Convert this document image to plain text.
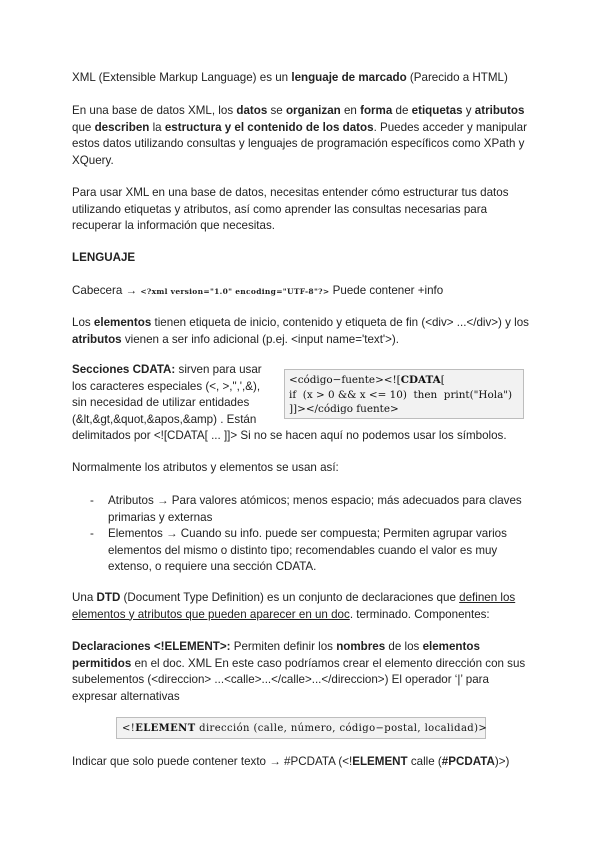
XML (Extensible Markup Language) es un lenguaje de marcado (Parecido a HTML)

En una base de datos XML, los datos se organizan en forma de etiquetas y atributos que describen la estructura y el contenido de los datos. Puedes acceder y manipular estos datos utilizando consultas y lenguajes de programación específicos como XPath y XQuery.

Para usar XML en una base de datos, necesitas entender cómo estructurar tus datos utilizando etiquetas y atributos, así como aprender las consultas necesarias para recuperar la información que necesitas.

LENGUAJE

Cabecera → <?xml version="1.0" encoding="UTF-8"?> Puede contener +info

Los elementos tienen etiqueta de inicio, contenido y etiqueta de fin (<div> ...</div>) y los atributos vienen a ser info adicional (p.ej. <input name='text'>).

Secciones CDATA: sirven para usar
los caracteres especiales (<, >,",',&),
sin necesidad de utilizar entidades
(&lt,&gt,&quot,&apos,&amp) . Están
delimitados por <![CDATA[ ... ]]> Si no se hacen aquí no podemos usar los símbolos.

Normalmente los atributos y elementos se usan así:

- Atributos → Para valores atómicos; menos espacio; más adecuados para claves primarias y externas
- Elementos → Cuando su info. puede ser compuesta; Permiten agrupar varios elementos del mismo o distinto tipo; recomendables cuando el valor es muy extenso, o requiere una sección CDATA.

Una DTD (Document Type Definition) es un conjunto de declaraciones que definen los elementos y atributos que pueden aparecer en un doc. terminado. Componentes:

Declaraciones <!ELEMENT>: Permiten definir los nombres de los elementos permitidos en el doc. XML En este caso podríamos crear el elemento dirección con sus subelementos (<direccion> ...<calle>...</calle>...</direccion>) El operador ‘|’ para expresar alternativas

Indicar que solo puede contener texto → #PCDATA (<!ELEMENT calle (#PCDATA)>)

<código−fuente><![CDATA[
if  (x > 0 && x <= 10)  then  print("Hola")
]]></código fuente>
<!ELEMENT dirección (calle, número, código−postal, localidad)>
